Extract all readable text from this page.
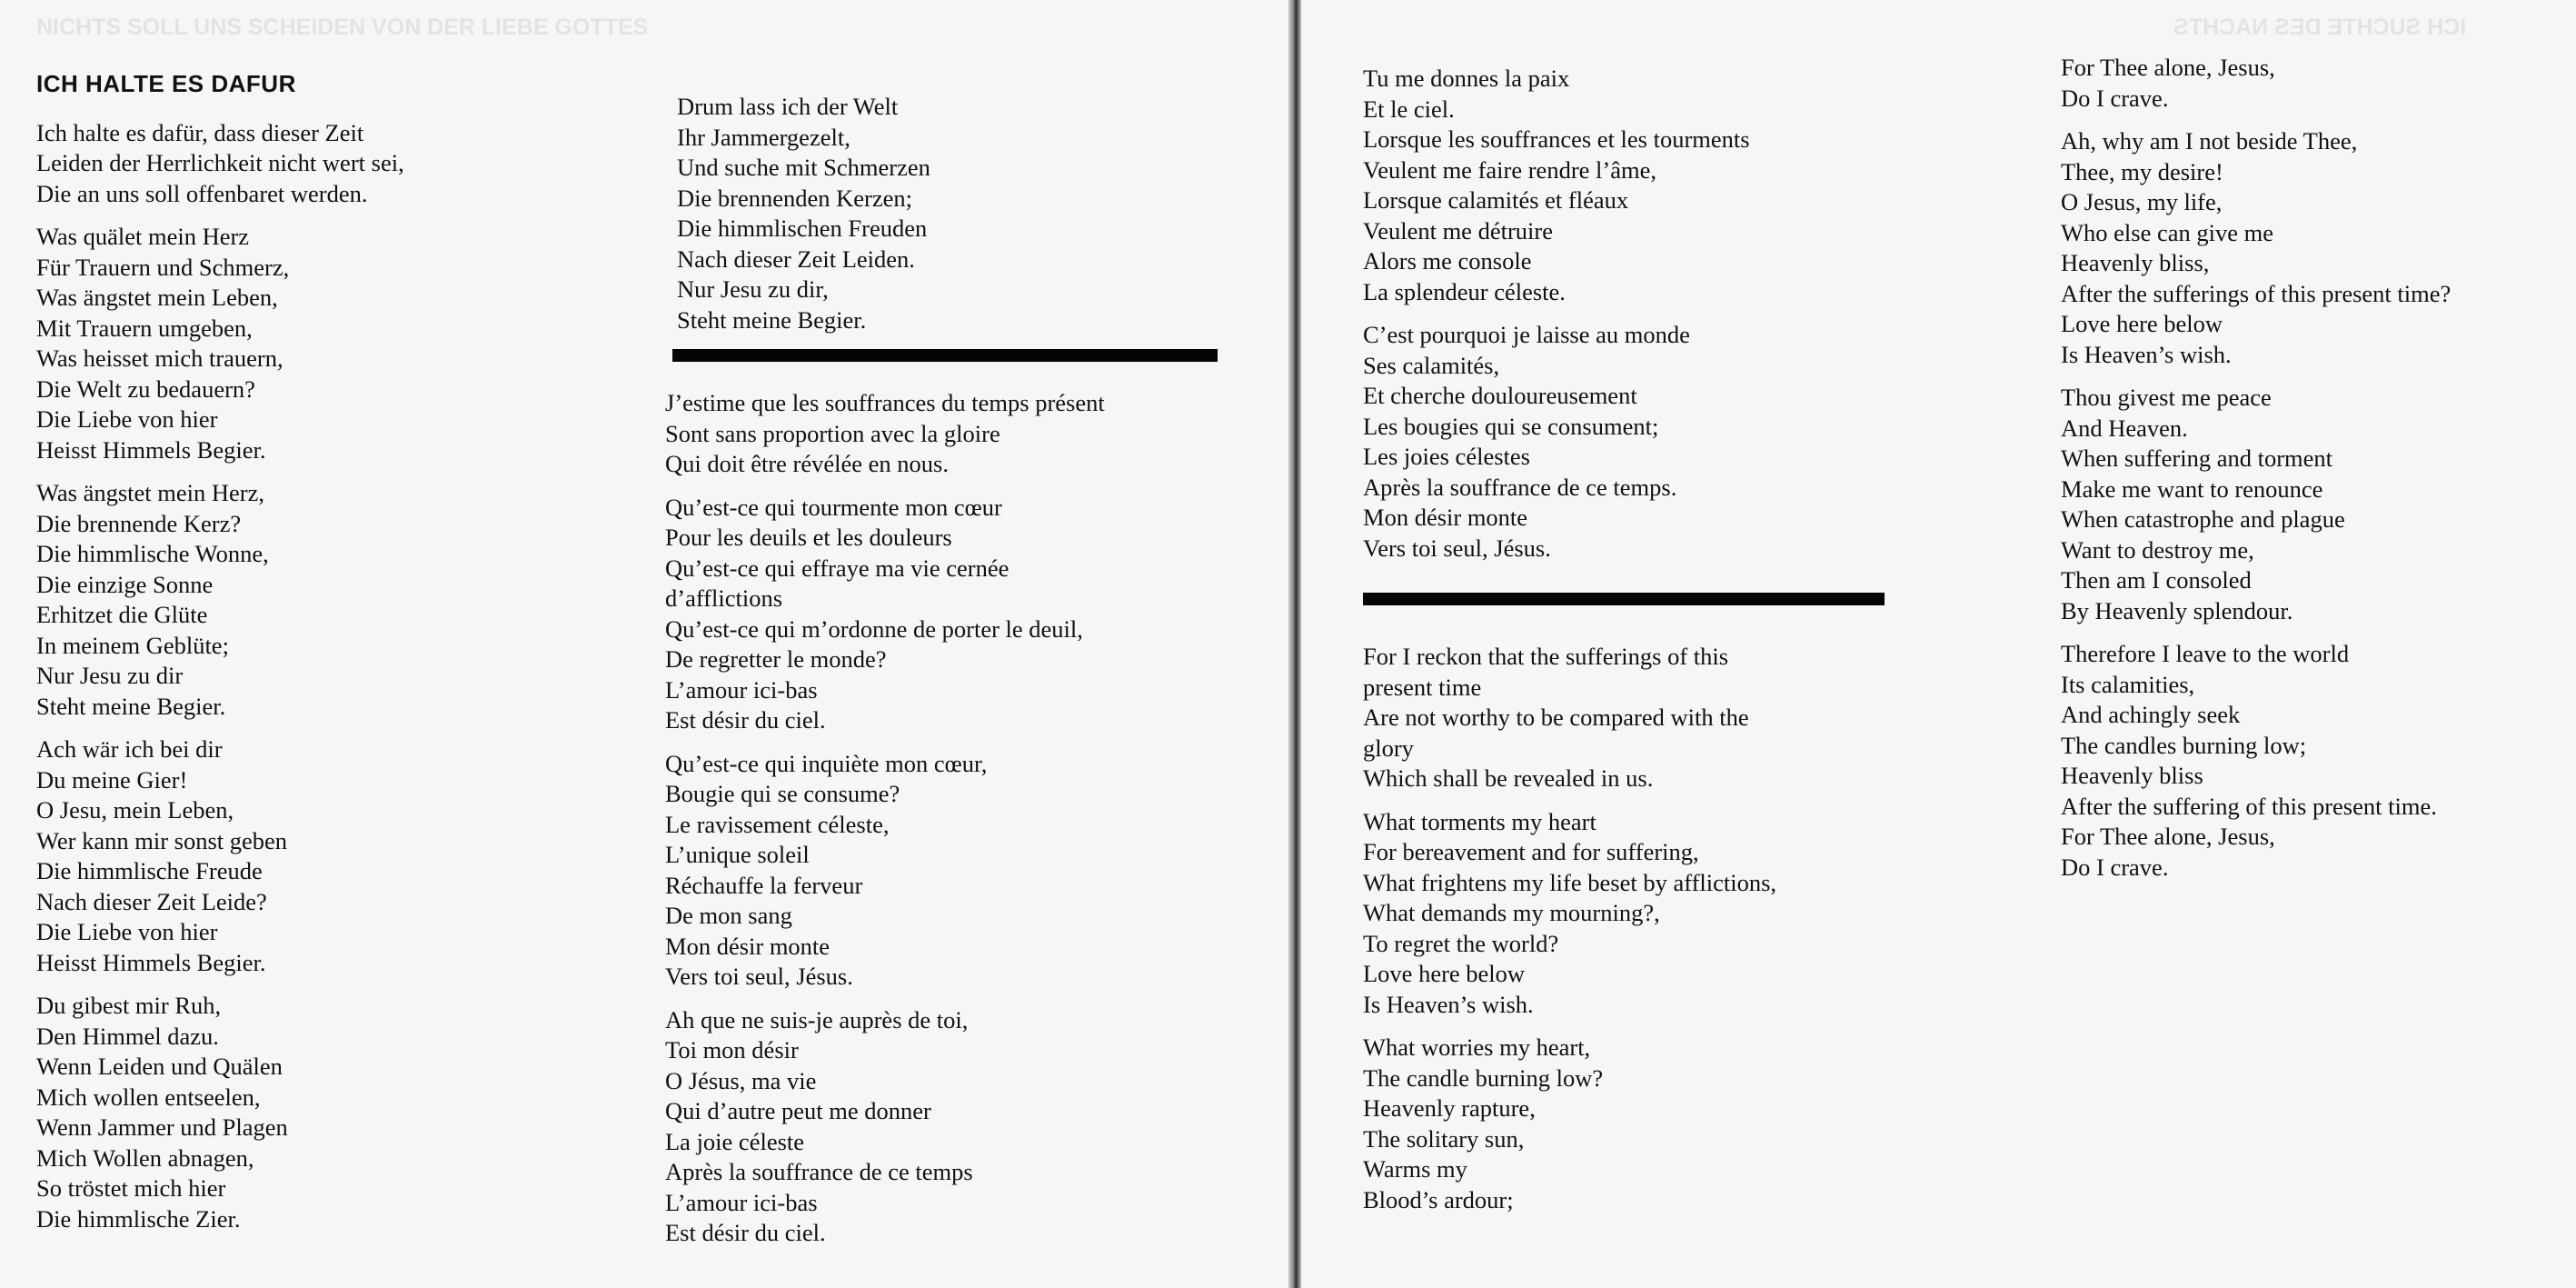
NICHTS SOLL UNS SCHEIDEN VON DER LIEBE GOTTES
ICH HALTE ES DAFUR
Ich halte es dafür, dass dieser Zeit
Leiden der Herrlichkeit nicht wert sei,
Die an uns soll offenbaret werden.
Was quälet mein Herz
Für Trauern und Schmerz,
Was ängstet mein Leben,
Mit Trauern umgeben,
Was heisset mich trauern,
Die Welt zu bedauern?
Die Liebe von hier
Heisst Himmels Begier.
Was ängstet mein Herz,
Die brennende Kerz?
Die himmlische Wonne,
Die einzige Sonne
Erhitzet die Glüte
In meinem Geblüte;
Nur Jesu zu dir
Steht meine Begier.
Ach wär ich bei dir
Du meine Gier!
O Jesu, mein Leben,
Wer kann mir sonst geben
Die himmlische Freude
Nach dieser Zeit Leide?
Die Liebe von hier
Heisst Himmels Begier.
Du gibest mir Ruh,
Den Himmel dazu.
Wenn Leiden und Quälen
Mich wollen entseelen,
Wenn Jammer und Plagen
Mich Wollen abnagen,
So tröstet mich hier
Die himmlische Zier.
Drum lass ich der Welt
Ihr Jammergezelt,
Und suche mit Schmerzen
Die brennenden Kerzen;
Die himmlischen Freuden
Nach dieser Zeit Leiden.
Nur Jesu zu dir,
Steht meine Begier.
J’estime que les souffrances du temps présent
Sont sans proportion avec la gloire
Qui doit être révélée en nous.
Qu’est-ce qui tourmente mon cœur
Pour les deuils et les douleurs
Qu’est-ce qui effraye ma vie cernée
d’afflictions
Qu’est-ce qui m’ordonne de porter le deuil,
De regretter le monde?
L’amour ici-bas
Est désir du ciel.
Qu’est-ce qui inquiète mon cœur,
Bougie qui se consume?
Le ravissement céleste,
L’unique soleil
Réchauffe la ferveur
De mon sang
Mon désir monte
Vers toi seul, Jésus.
Ah que ne suis-je auprès de toi,
Toi mon désir
O Jésus, ma vie
Qui d’autre peut me donner
La joie céleste
Après la souffrance de ce temps
L’amour ici-bas
Est désir du ciel.
ICH SUCHTE DES NACHTS
Tu me donnes la paix
Et le ciel.
Lorsque les souffrances et les tourments
Veulent me faire rendre l’âme,
Lorsque calamités et fléaux
Veulent me détruire
Alors me console
La splendeur céleste.
C’est pourquoi je laisse au monde
Ses calamités,
Et cherche douloureusement
Les bougies qui se consument;
Les joies célestes
Après la souffrance de ce temps.
Mon désir monte
Vers toi seul, Jésus.
For I reckon that the sufferings of this
present time
Are not worthy to be compared with the
glory
Which shall be revealed in us.
What torments my heart
For bereavement and for suffering,
What frightens my life beset by afflictions,
What demands my mourning?,
To regret the world?
Love here below
Is Heaven’s wish.
What worries my heart,
The candle burning low?
Heavenly rapture,
The solitary sun,
Warms my
Blood’s ardour;
For Thee alone, Jesus,
Do I crave.
Ah, why am I not beside Thee,
Thee, my desire!
O Jesus, my life,
Who else can give me
Heavenly bliss,
After the sufferings of this present time?
Love here below
Is Heaven’s wish.
Thou givest me peace
And Heaven.
When suffering and torment
Make me want to renounce
When catastrophe and plague
Want to destroy me,
Then am I consoled
By Heavenly splendour.
Therefore I leave to the world
Its calamities,
And achingly seek
The candles burning low;
Heavenly bliss
After the suffering of this present time.
For Thee alone, Jesus,
Do I crave.
